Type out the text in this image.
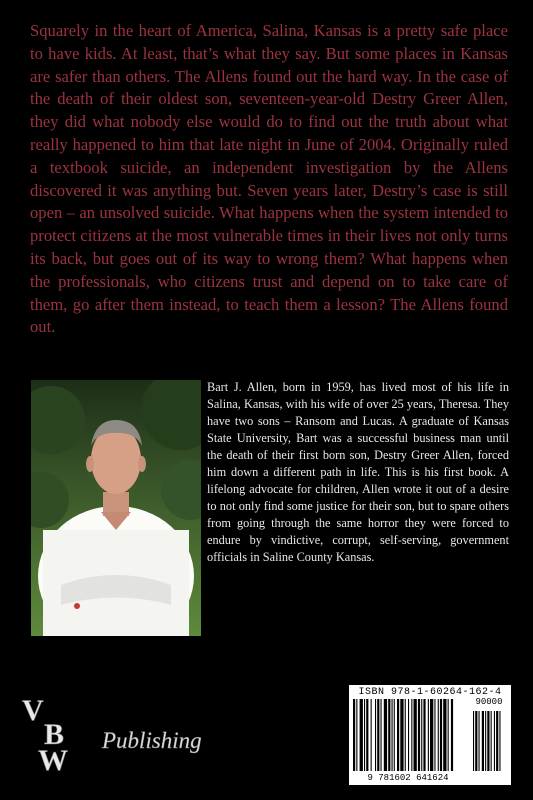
Squarely in the heart of America, Salina, Kansas is a pretty safe place to have kids. At least, that’s what they say. But some places in Kansas are safer than others. The Allens found out the hard way. In the case of the death of their oldest son, seventeen-year-old Destry Greer Allen, they did what nobody else would do to find out the truth about what really happened to him that late night in June of 2004. Originally ruled a textbook suicide, an independent investigation by the Allens discovered it was anything but. Seven years later, Destry’s case is still open – an unsolved suicide. What happens when the system intended to protect citizens at the most vulnerable times in their lives not only turns its back, but goes out of its way to wrong them? What happens when the professionals, who citizens trust and depend on to take care of them, go after them instead, to teach them a lesson? The Allens found out.

Bart J. Allen, born in 1959, has lived most of his life in Salina, Kansas, with his wife of over 25 years, Theresa. They have two sons – Ransom and Lucas. A graduate of Kansas State University, Bart was a successful business man until the death of their first born son, Destry Greer Allen, forced him down a different path in life. This is his first book. A lifelong advocate for children, Allen wrote it out of a desire to not only find some justice for their son, but to spare others from going through the same horror they were forced to endure by vindictive, corrupt, self-serving, government officials in Saline County Kansas.

V
B
W
Publishing

ISBN 978-1-60264-162-4

9 781602 641624

90000
